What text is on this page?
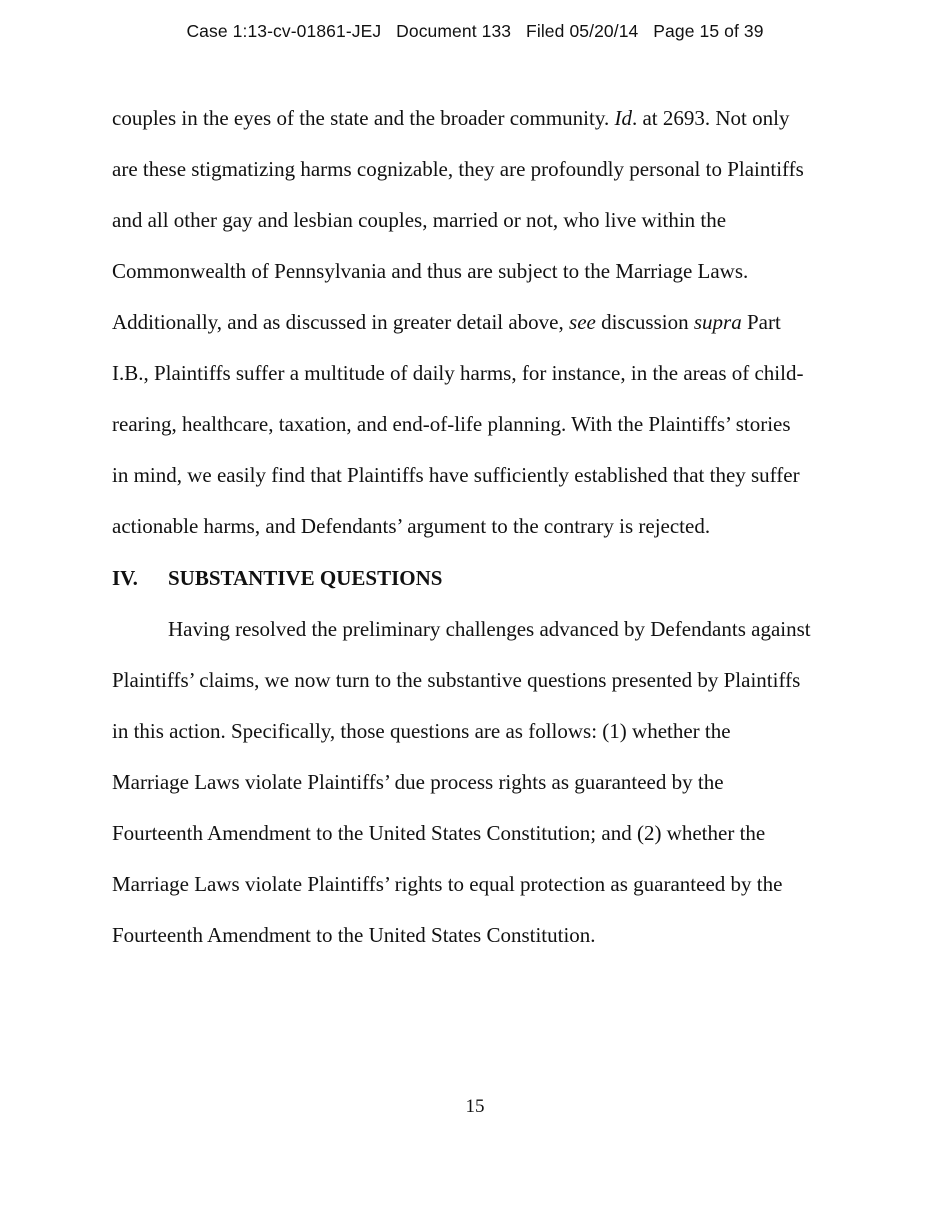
Case 1:13-cv-01861-JEJ Document 133 Filed 05/20/14 Page 15 of 39
couples in the eyes of the state and the broader community. Id. at 2693. Not only
are these stigmatizing harms cognizable, they are profoundly personal to Plaintiffs
and all other gay and lesbian couples, married or not, who live within the
Commonwealth of Pennsylvania and thus are subject to the Marriage Laws.
Additionally, and as discussed in greater detail above, see discussion supra Part
I.B., Plaintiffs suffer a multitude of daily harms, for instance, in the areas of child-
rearing, healthcare, taxation, and end-of-life planning. With the Plaintiffs’ stories
in mind, we easily find that Plaintiffs have sufficiently established that they suffer
actionable harms, and Defendants’ argument to the contrary is rejected.
IV. SUBSTANTIVE QUESTIONS
Having resolved the preliminary challenges advanced by Defendants against
Plaintiffs’ claims, we now turn to the substantive questions presented by Plaintiffs
in this action. Specifically, those questions are as follows: (1) whether the
Marriage Laws violate Plaintiffs’ due process rights as guaranteed by the
Fourteenth Amendment to the United States Constitution; and (2) whether the
Marriage Laws violate Plaintiffs’ rights to equal protection as guaranteed by the
Fourteenth Amendment to the United States Constitution.
15
